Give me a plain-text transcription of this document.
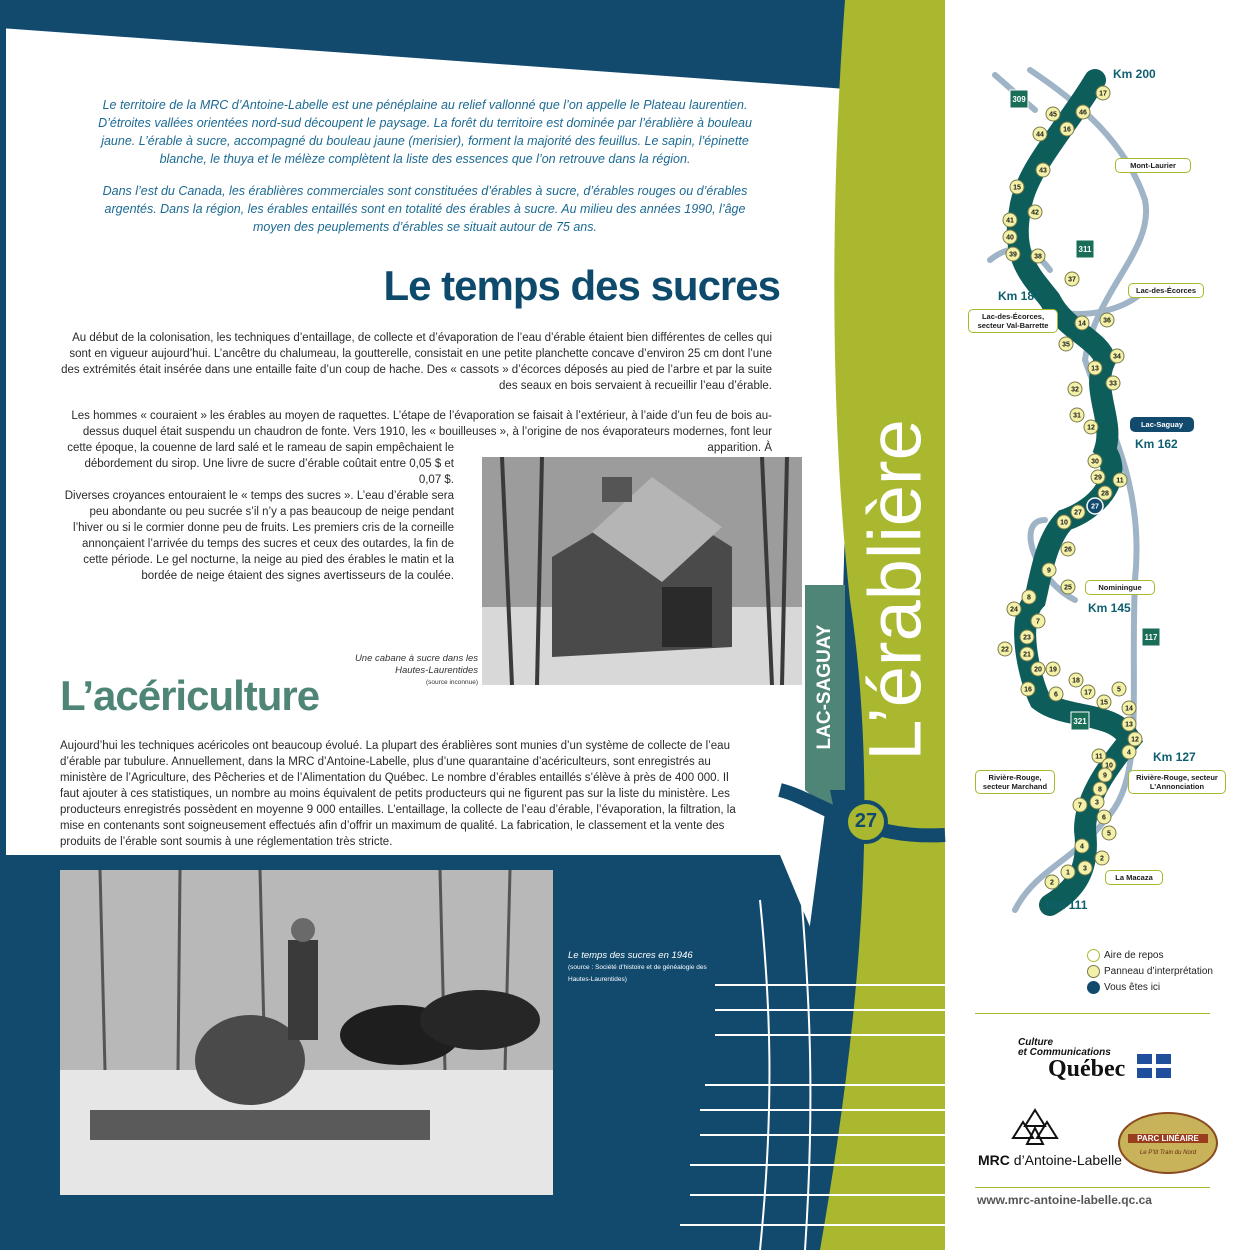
Le territoire de la MRC d’Antoine-Labelle est une pénéplaine au relief vallonné que l’on appelle le Plateau laurentien. D’étroites vallées orientées nord-sud découpent le paysage. La forêt du territoire est dominée par l’érablière à bouleau jaune. L’érable à sucre, accompagné du bouleau jaune (merisier), forment la majorité des feuillus. Le sapin, l’épinette blanche, le thuya et le mélèze complètent la liste des essences que l’on retrouve dans la région.
Dans l’est du Canada, les érablières commerciales sont constituées d’érables à sucre, d’érables rouges ou d’érables argentés. Dans la région, les érables entaillés sont en totalité des érables à sucre. Au milieu des années 1990, l’âge moyen des peuplements d’érables se situait autour de 75 ans.
Le temps des sucres
Au début de la colonisation, les techniques d’entaillage, de collecte et d’évaporation de l’eau d’érable étaient bien différentes de celles qui sont en vigueur aujourd’hui. L’ancêtre du chalumeau, la goutterelle, consistait en une petite planchette concave d’environ 25 cm dont l’une des extrémités était insérée dans une entaille faite d’un coup de hache. Des « cassots » d’écorces déposés au pied de l’arbre et par la suite des seaux en bois servaient à recueillir l’eau d’érable.
Les hommes « couraient » les érables au moyen de raquettes. L’étape de l’évaporation se faisait à l’extérieur, à l’aide d’un feu de bois au-dessus duquel était suspendu un chaudron de fonte. Vers 1910, les « bouilleuses », à l’origine de nos évaporateurs modernes, font leur apparition. À
cette époque, la couenne de lard salé et le rameau de sapin empêchaient le débordement du sirop. Une livre de sucre d’érable coûtait entre 0,05 $ et 0,07 $.
Diverses croyances entouraient le « temps des sucres ». L’eau d’érable sera peu abondante ou peu sucrée s’il n’y a pas beaucoup de neige pendant l’hiver ou si le cormier donne peu de fruits. Les premiers cris de la corneille annonçaient l’arrivée du temps des sucres et ceux des outardes, la fin de cette période. Le gel nocturne, la neige au pied des érables le matin et la bordée de neige étaient des signes avertisseurs de la coulée.
Une cabane à sucre dans les Hautes-Laurentides
(source inconnue)
L’acériculture
Aujourd’hui les techniques acéricoles ont beaucoup évolué. La plupart des érablières sont munies d’un système de collecte de l’eau d’érable par tubulure. Annuellement, dans la MRC d’Antoine-Labelle, plus d’une quarantaine d’acériculteurs, sont enregistrés au ministère de l’Agriculture, des Pêcheries et de l’Alimentation du Québec. Le nombre d’érables entaillés s’élève à près de 400 000. Il faut ajouter à ces statistiques, un nombre au moins équivalent de petits producteurs qui ne figurent pas sur la liste du ministère. Les producteurs enregistrés possèdent en moyenne 9 000 entailles. L’entaillage, la collecte de l’eau d’érable, l’évaporation, la filtration, la mise en contenants sont soigneusement effectués afin d’offrir un maximum de qualité. La fabrication, le classement et la vente des produits de l’érable sont soumis à une réglementation très stricte.
Le temps des sucres en 1946
(source : Société d’histoire et de généalogie des Hautes-Laurentides)
L’érablière
LAC-SAGUAY
27
309
311
117
321
17
46
45
16
44
43
15
42
41
40
39 38
37
36
14
35
34
13
33
32
31
12
30
29 11
28
27
10
26
9
25
8
24
7
23
22
21
20 19
18
16
6	17
15
5
14
13
12
11
4
10
9
8
7 3
6
5
4
2
3
1
2
27
Km 200
Km 187
Km 162
Km 145
Km 127
Km 111
Mont-Laurier
Lac-des-Écorces
Lac-des-Écorces, secteur Val-Barrette
Lac-Saguay
Nominingue
Rivière-Rouge, secteur Marchand
Rivière-Rouge, secteur L’Annonciation
La Macaza
Aire de repos
Panneau d’interprétation
Vous êtes ici
Culture
et Communications
Québec
MRC d’Antoine-Labelle
PARC LINÉAIRE
Le P’tit Train du Nord
www.mrc-antoine-labelle.qc.ca
